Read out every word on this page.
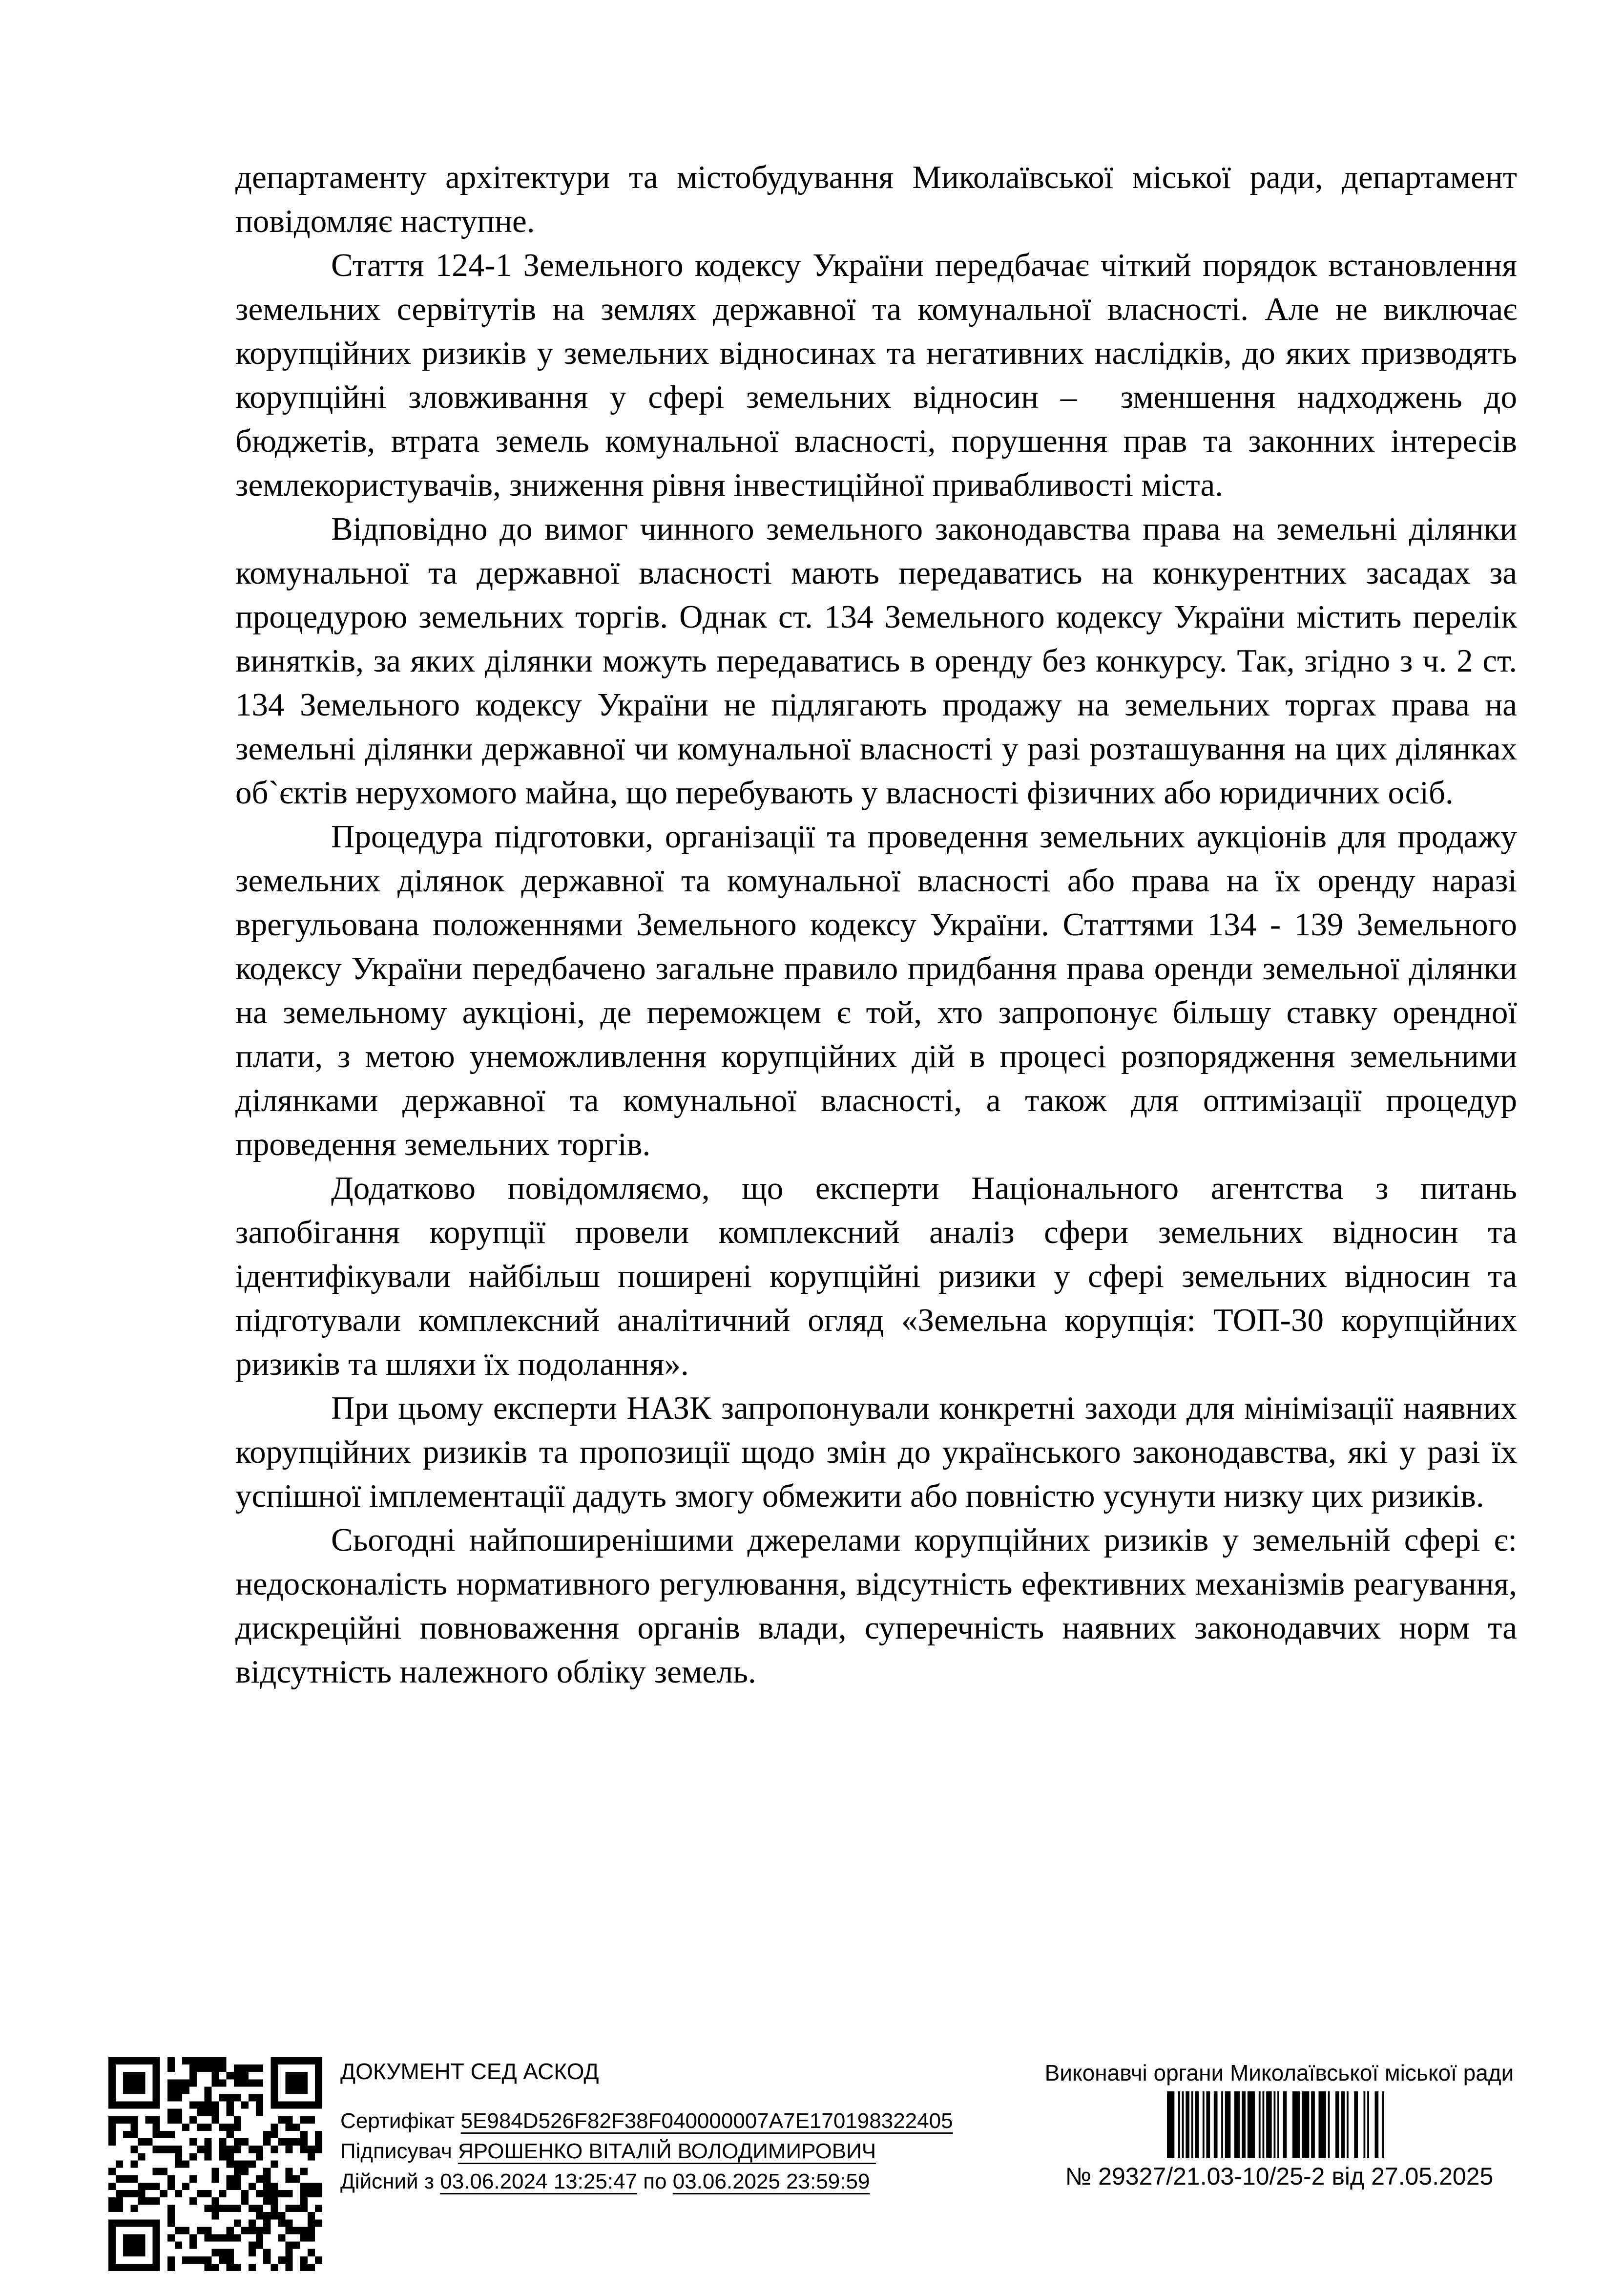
департаменту архітектури та містобудування Миколаївської міської ради, департамент  повідомляє наступне.

Стаття 124-1 Земельного кодексу України передбачає чіткий порядок встановлення земельних сервітутів на землях державної та комунальної власності. Але не виключає корупційних ризиків у земельних відносинах та негативних наслідків, до яких призводять корупційні зловживання у сфері земельних відносин –  зменшення надходжень до бюджетів, втрата земель комунальної власності, порушення прав та законних інтересів землекористувачів, зниження рівня інвестиційної привабливості міста.

Відповідно до вимог чинного земельного законодавства права на земельні ділянки комунальної та державної власності мають передаватись на конкурентних засадах за процедурою земельних торгів. Однак ст. 134 Земельного кодексу України містить перелік винятків, за яких ділянки можуть передаватись в оренду без конкурсу. Так, згідно з ч. 2 ст. 134 Земельного кодексу України не підлягають продажу на земельних торгах права на земельні ділянки державної чи комунальної власності у разі розташування на цих ділянках об`єктів нерухомого майна, що перебувають у власності фізичних або юридичних осіб.

Процедура підготовки, організації та проведення земельних аукціонів для продажу земельних ділянок державної та комунальної власності або права на їх оренду наразі врегульована положеннями Земельного кодексу України. Статтями 134 - 139 Земельного кодексу України передбачено загальне правило придбання права оренди земельної ділянки на земельному аукціоні, де переможцем є той, хто запропонує більшу ставку орендної плати, з метою унеможливлення корупційних дій в процесі розпорядження земельними ділянками державної та комунальної власності, а також для оптимізації процедур проведення земельних торгів.

Додатково повідомляємо, що експерти Національного агентства з питань запобігання корупції провели комплексний аналіз сфери земельних відносин та ідентифікували найбільш поширені корупційні ризики у сфері земельних відносин та підготували комплексний аналітичний огляд «Земельна корупція: ТОП-30 корупційних ризиків та шляхи їх подолання».

При цьому експерти НАЗК запропонували конкретні заходи для мінімізації наявних корупційних ризиків та пропозиції щодо змін до українського законодавства, які у разі їх успішної імплементації дадуть змогу обмежити або повністю усунути низку цих ризиків.

Сьогодні найпоширенішими джерелами корупційних ризиків у земельній сфері є: недосконалість нормативного регулювання, відсутність ефективних механізмів реагування, дискреційні повноваження органів влади, суперечність наявних законодавчих норм та відсутність належного обліку земель.

ДОКУМЕНТ СЕД АСКОД
Сертифікат 5E984D526F82F38F040000007A7E170198322405
Підписувач ЯРОШЕНКО ВІТАЛІЙ ВОЛОДИМИРОВИЧ
Дійсний з 03.06.2024 13:25:47 по 03.06.2025 23:59:59
Виконавчі органи Миколаївської міської ради
№ 29327/21.03-10/25-2 від 27.05.2025
